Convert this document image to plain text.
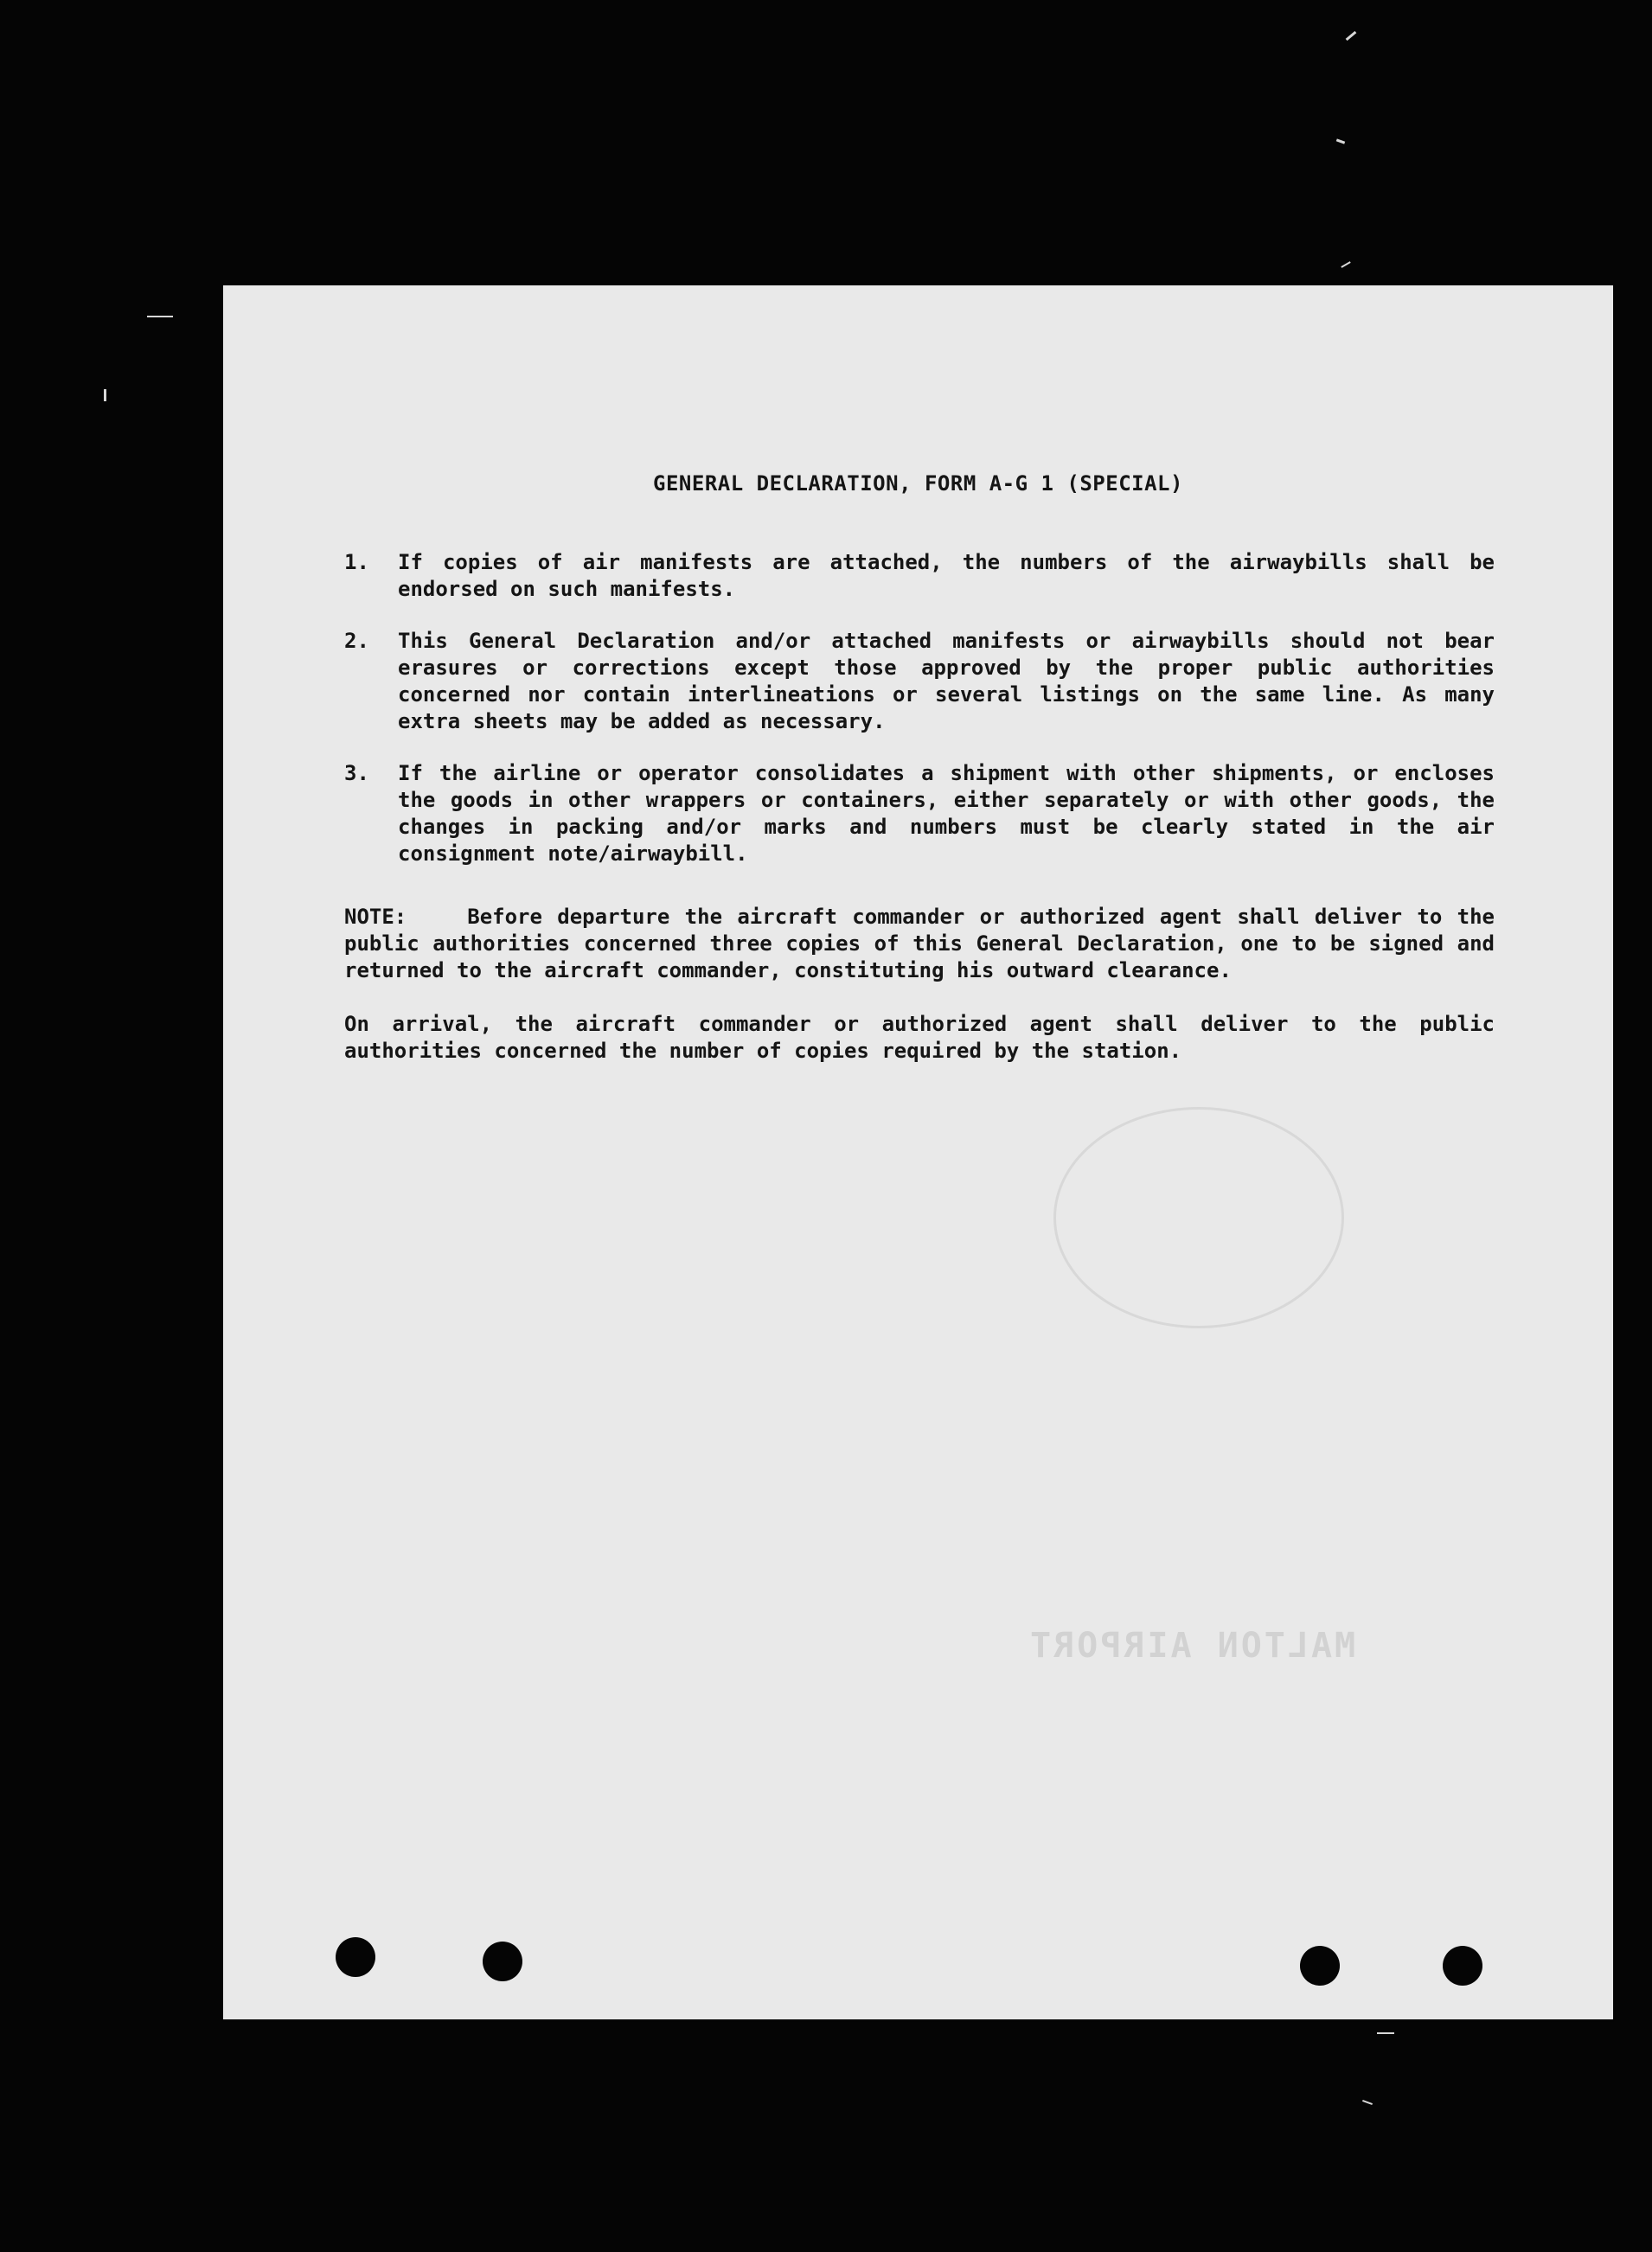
MALTON AIRPORT
GENERAL DECLARATION, FORM A-G 1 (SPECIAL)
1.	If copies of air manifests are attached, the numbers of the airwaybills shall be endorsed on such manifests.
2.	This General Declaration and/or attached manifests or airwaybills should not bear erasures or corrections except those approved by the proper public authorities concerned nor contain interlineations or several listings on the same line. As many extra sheets may be added as necessary.
3.	If the airline or operator consolidates a shipment with other shipments, or encloses the goods in other wrappers or containers, either separately or with other goods, the changes in packing and/or marks and numbers must be clearly stated in the air consignment note/airwaybill.
NOTE:	Before departure the aircraft commander or authorized agent shall deliver to the public authorities concerned three copies of this General Declaration, one to be signed and returned to the aircraft commander, constituting his outward clearance.
On arrival, the aircraft commander or authorized agent shall deliver to the public authorities concerned the number of copies required by the station.
